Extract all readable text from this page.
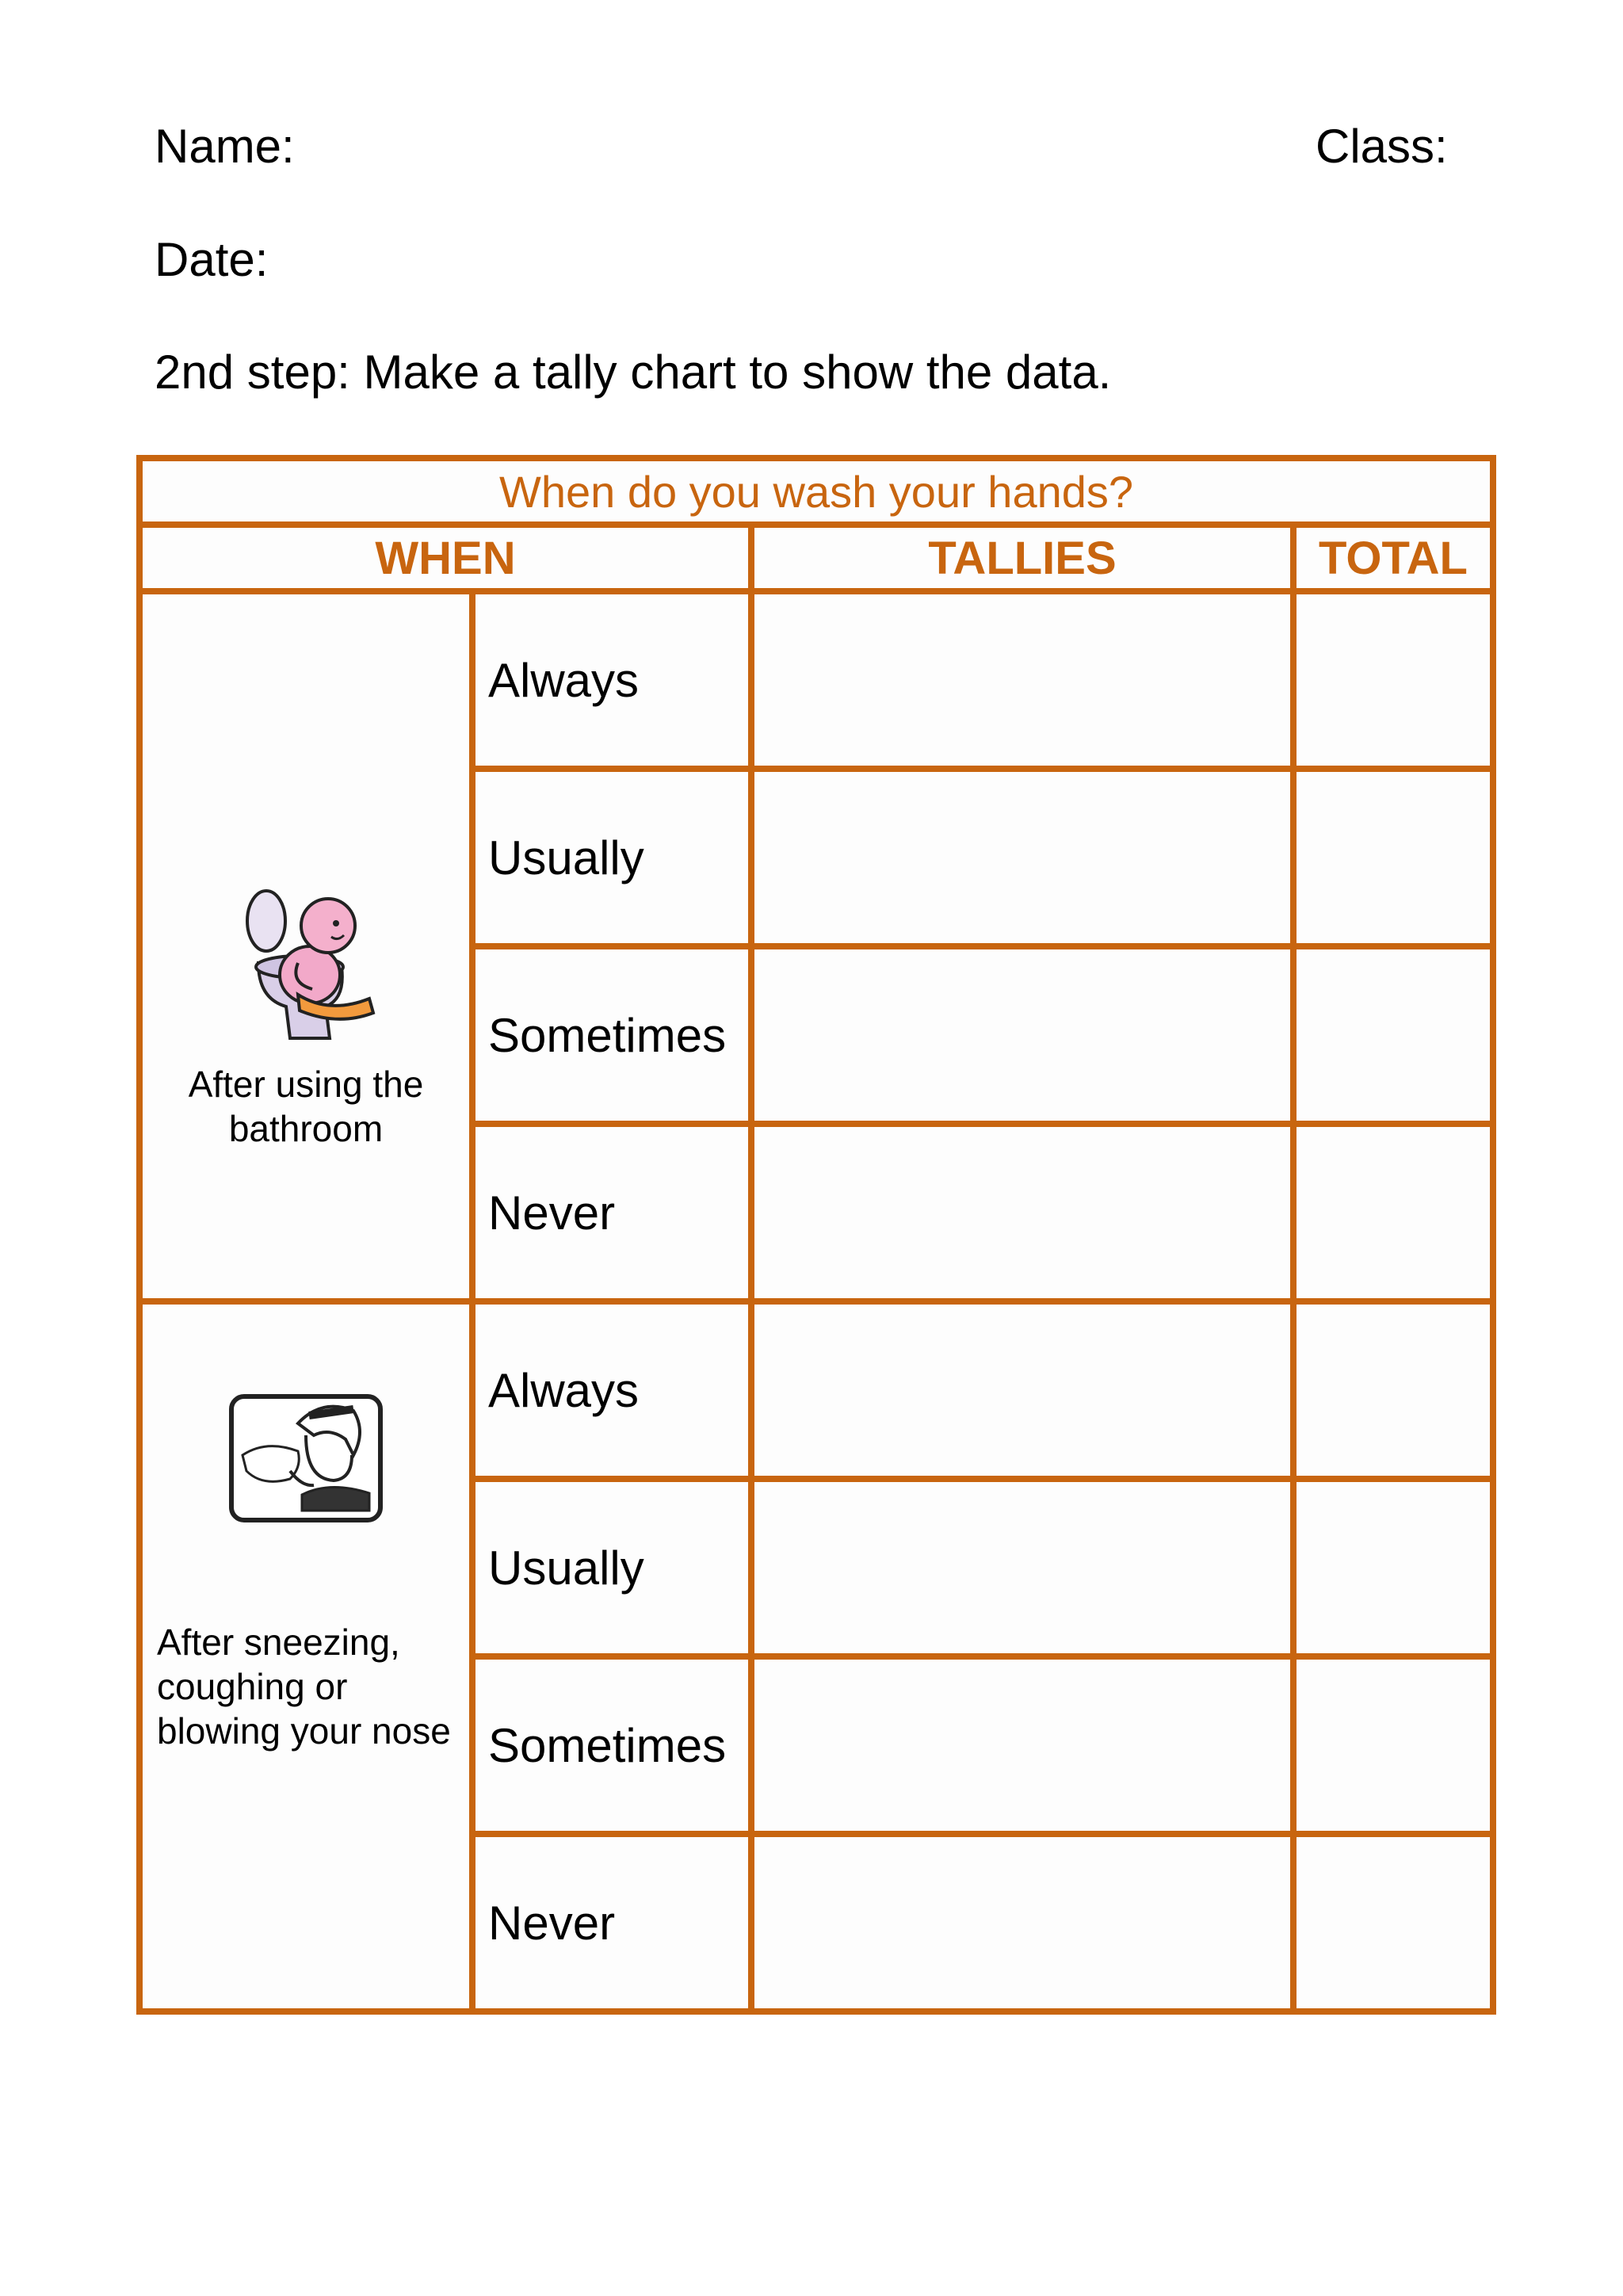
Name:	Class:
Date:
2nd step: Make a tally chart to show the data.
When do you wash your hands?			
WHEN		TALLIES	TOTAL

After using the bathroom	Always		
	Usually		
	Sometimes		
	Never		

After sneezing, coughing or blowing your nose	Always		
	Usually		
	Sometimes		
	Never		
